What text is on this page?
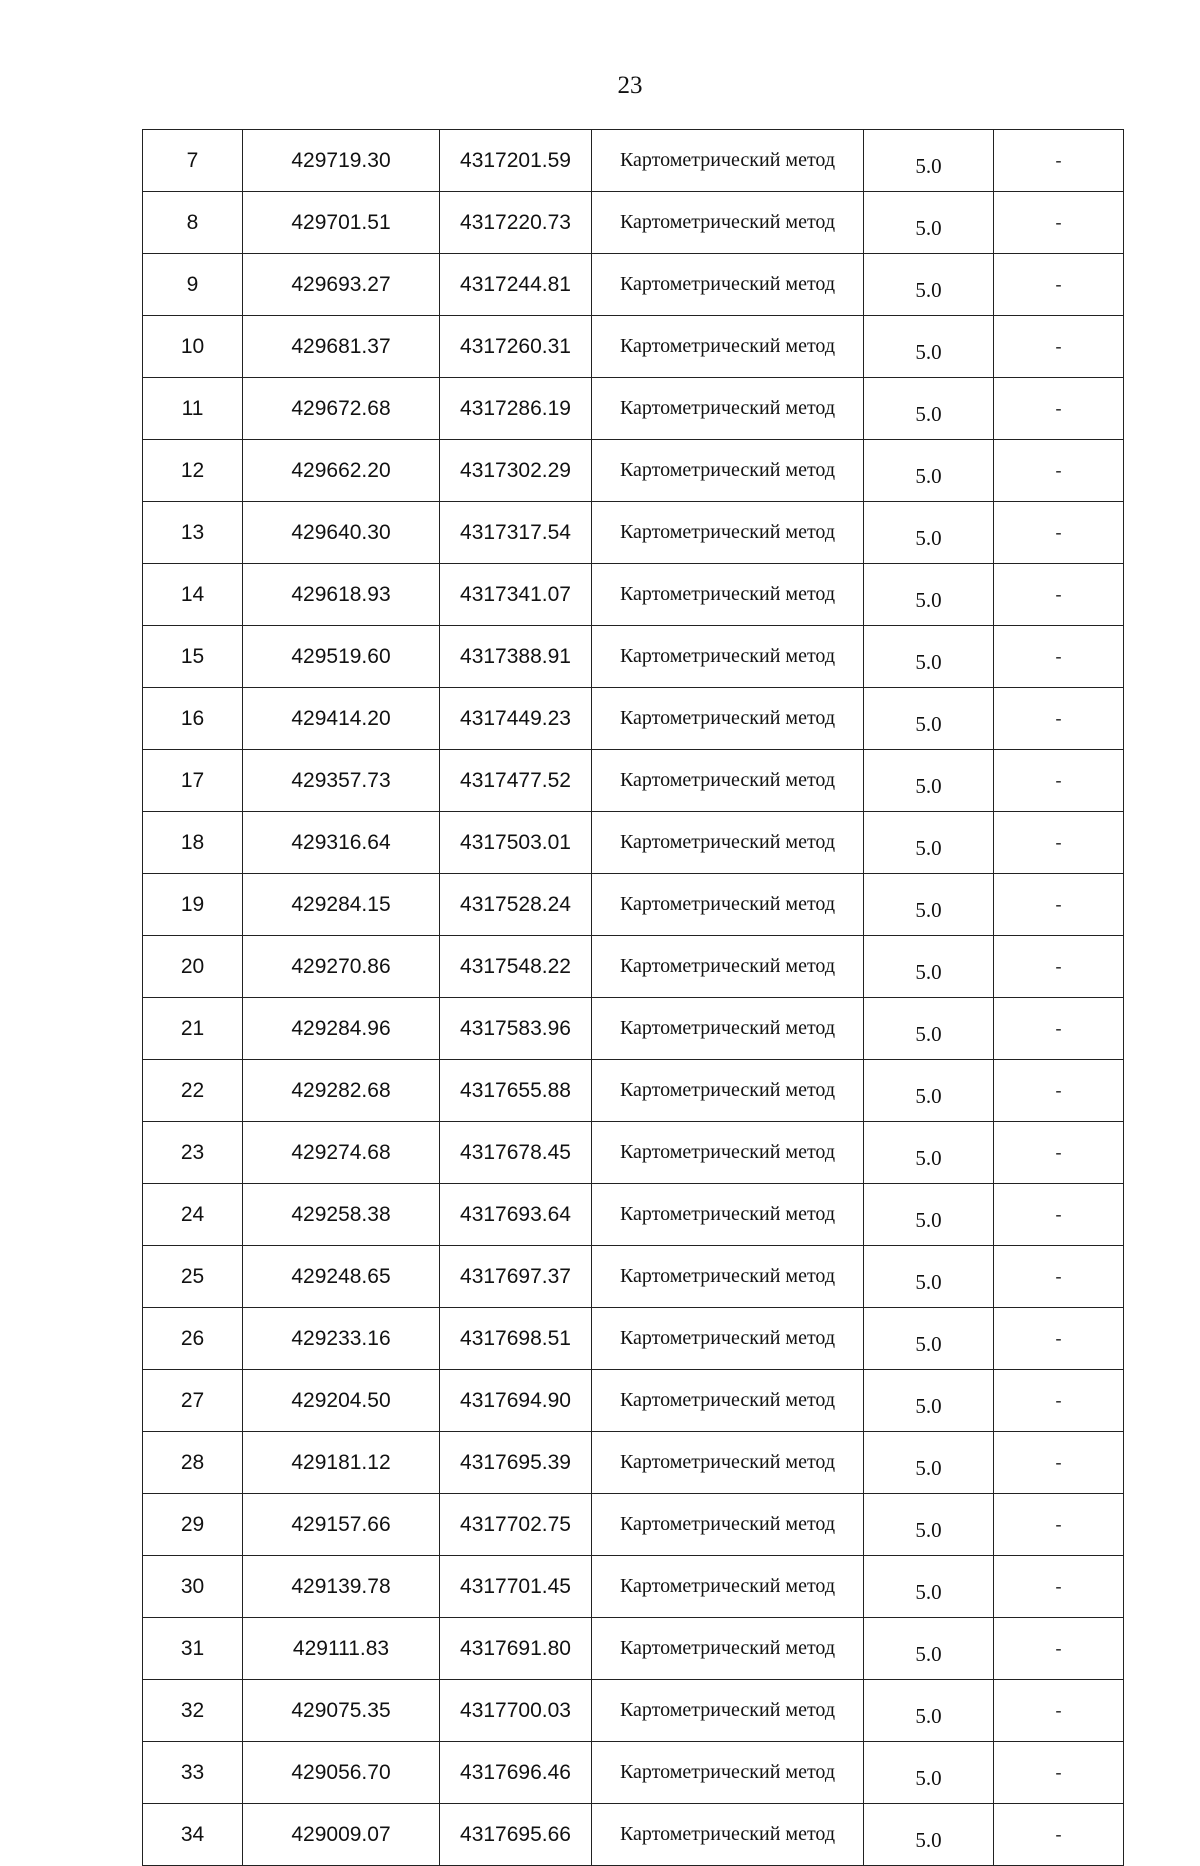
23
7	429719.30	4317201.59	Картометрический метод	5.0	-
8	429701.51	4317220.73	Картометрический метод	5.0	-
9	429693.27	4317244.81	Картометрический метод	5.0	-
10	429681.37	4317260.31	Картометрический метод	5.0	-
11	429672.68	4317286.19	Картометрический метод	5.0	-
12	429662.20	4317302.29	Картометрический метод	5.0	-
13	429640.30	4317317.54	Картометрический метод	5.0	-
14	429618.93	4317341.07	Картометрический метод	5.0	-
15	429519.60	4317388.91	Картометрический метод	5.0	-
16	429414.20	4317449.23	Картометрический метод	5.0	-
17	429357.73	4317477.52	Картометрический метод	5.0	-
18	429316.64	4317503.01	Картометрический метод	5.0	-
19	429284.15	4317528.24	Картометрический метод	5.0	-
20	429270.86	4317548.22	Картометрический метод	5.0	-
21	429284.96	4317583.96	Картометрический метод	5.0	-
22	429282.68	4317655.88	Картометрический метод	5.0	-
23	429274.68	4317678.45	Картометрический метод	5.0	-
24	429258.38	4317693.64	Картометрический метод	5.0	-
25	429248.65	4317697.37	Картометрический метод	5.0	-
26	429233.16	4317698.51	Картометрический метод	5.0	-
27	429204.50	4317694.90	Картометрический метод	5.0	-
28	429181.12	4317695.39	Картометрический метод	5.0	-
29	429157.66	4317702.75	Картометрический метод	5.0	-
30	429139.78	4317701.45	Картометрический метод	5.0	-
31	429111.83	4317691.80	Картометрический метод	5.0	-
32	429075.35	4317700.03	Картометрический метод	5.0	-
33	429056.70	4317696.46	Картометрический метод	5.0	-
34	429009.07	4317695.66	Картометрический метод	5.0	-
